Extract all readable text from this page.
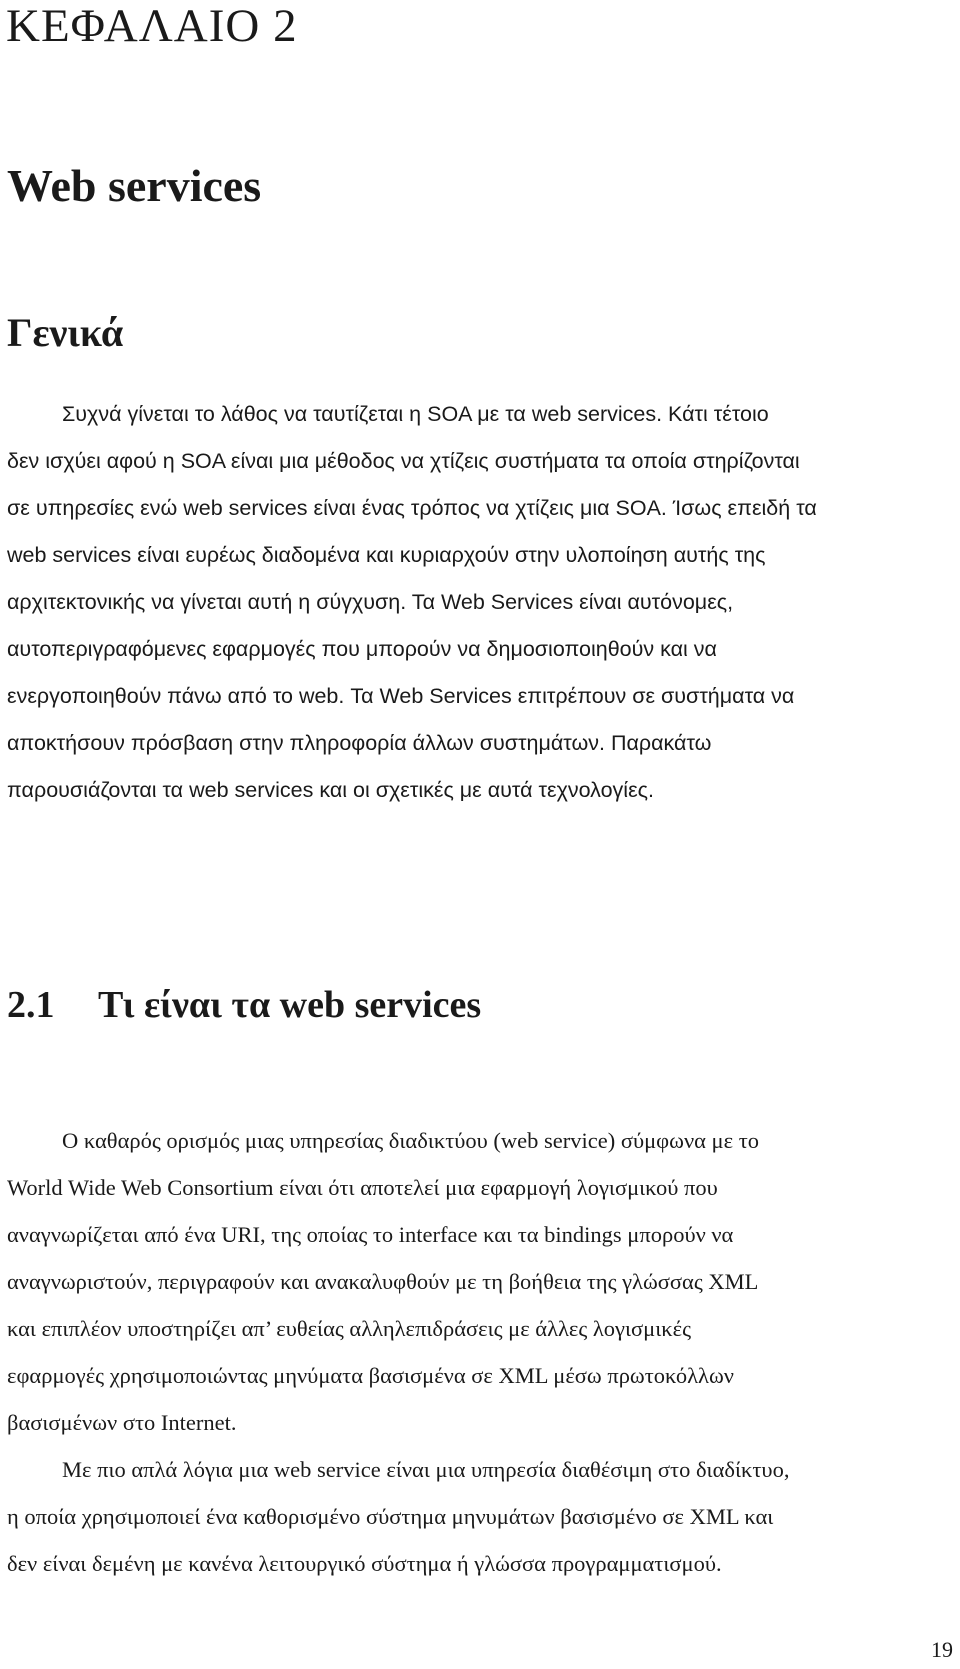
ΚΕΦΑΛΑΙΟ 2
Web services
Γενικά

Συχνά γίνεται το λάθος να ταυτίζεται η SOA με τα web services. Κάτι τέτοιο

δεν ισχύει αφού η SOA είναι μια μέθοδος να χτίζεις συστήματα τα οποία στηρίζονται

σε υπηρεσίες ενώ web services είναι ένας τρόπος να χτίζεις μια SOA. Ίσως επειδή τα

web services είναι ευρέως διαδομένα και κυριαρχούν στην υλοποίηση αυτής της

αρχιτεκτονικής να γίνεται αυτή η σύγχυση. Τα Web Services είναι αυτόνομες,

αυτοπεριγραφόμενες εφαρμογές που μπορούν να δημοσιοποιηθούν και να

ενεργοποιηθούν πάνω από το web. Τα Web Services επιτρέπουν σε συστήματα να

αποκτήσουν πρόσβαση στην πληροφορία άλλων συστημάτων. Παρακάτω

παρουσιάζονται τα web services και οι σχετικές με αυτά τεχνολογίες.

2.1 Τι είναι τα web services

Ο καθαρός ορισμός μιας υπηρεσίας διαδικτύου (web service) σύμφωνα με το

World Wide Web Consortium είναι ότι αποτελεί μια εφαρμογή λογισμικού που

αναγνωρίζεται από ένα URI, της οποίας το interface και τα bindings μπορούν να

αναγνωριστούν, περιγραφούν και ανακαλυφθούν με τη βοήθεια της γλώσσας XML

και επιπλέον υποστηρίζει απ’ ευθείας αλληλεπιδράσεις με άλλες λογισμικές

εφαρμογές χρησιμοποιώντας μηνύματα βασισμένα σε XML μέσω πρωτοκόλλων

βασισμένων στο Internet.

Με πιο απλά λόγια μια web service είναι μια υπηρεσία διαθέσιμη στο διαδίκτυο,

η οποία χρησιμοποιεί ένα καθορισμένο σύστημα μηνυμάτων βασισμένο σε XML και

δεν είναι δεμένη με κανένα λειτουργικό σύστημα ή γλώσσα προγραμματισμού.

19
